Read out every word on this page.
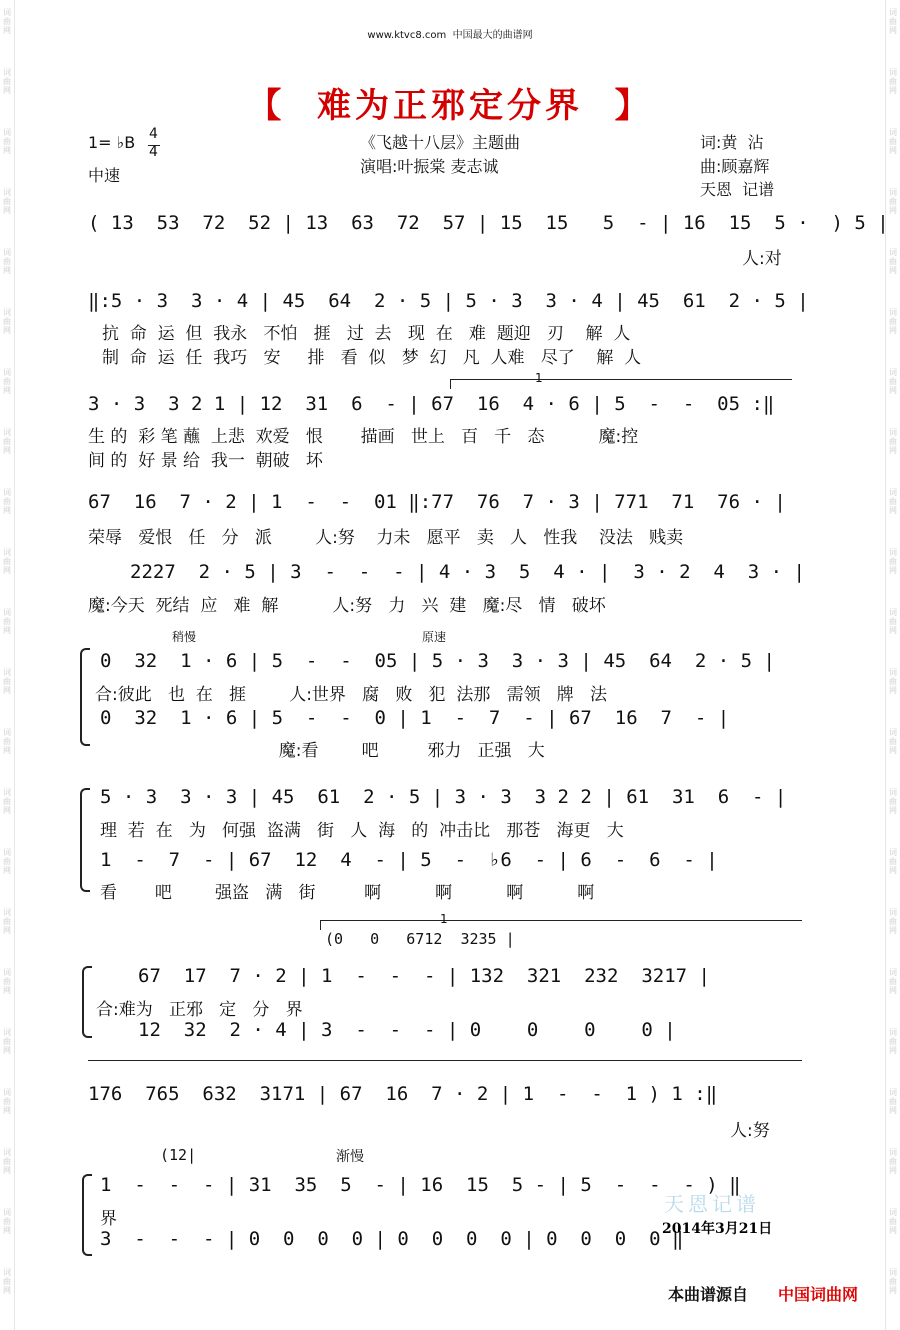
www.ktvc8.com  中国最大的曲谱网
【  难为正邪定分界  】
1= ♭B 4
4
中速
《飞越十八层》主题曲
演唱:叶振棠 麦志诚
词:黄  沾
曲:顾嘉辉
天恩  记谱
( 13  53  72  52 | 13  63  72  57 | 15  15   5  - | 16  15  5 ·  ) 5 |
人:对
‖:5 · 3  3 · 4 | 45  64  2 · 5 | 5 · 3  3 · 4 | 45  61  2 · 5 |
抗  命  运  但  我永   不怕   捱   过  去   现  在   难  题迎   刃    解  人
制  命  运  任  我巧   安     排   看  似   梦  幻   凡  人难   尽了    解  人
1
3 · 3  3 2 1 | 12  31  6  - | 67  16  4 · 6 | 5  -  -  05 :‖
生 的  彩 笔 蘸  上悲  欢爱   恨       描画   世上   百   千   态          魔:控
间 的  好 景 给  我一  朝破   坏
67  16  7 · 2 | 1  -  -  01 ‖:77  76  7 · 3 | 771  71  76 · |
荣辱   爱恨   任   分   派        人:努    力未   愿平   卖   人   性我    没法   贱卖
2227  2 · 5 | 3  -  -  - | 4 · 3  5  4 · |  3 · 2  4  3 · |
魔:今天  死结  应   难  解          人:努   力   兴  建   魔:尽   情   破坏
稍慢	原速
0  32  1 · 6 | 5  -  -  05 | 5 · 3  3 · 3 | 45  64  2 · 5 |
合:彼此   也  在   捱        人:世界   腐   败   犯  法那   需领   牌   法
0  32  1 · 6 | 5  -  -  0 | 1  -  7  - | 67  16  7  - |
魔:看        吧         邪力   正强   大
5 · 3  3 · 3 | 45  61  2 · 5 | 3 · 3  3 2 2 | 61  31  6  - |
理  若  在   为   何强  盗满   街   人  海   的  冲击比   那苍   海更   大
1  -  7  - | 67  12  4  - | 5  -  ♭6  - | 6  -  6  - |
看       吧        强盗   满   街         啊          啊          啊          啊
1
(0   0   6712  3235 |
67  17  7 · 2 | 1  -  -  - | 132  321  232  3217 |
合:难为   正邪   定   分   界
12  32  2 · 4 | 3  -  -  - | 0    0    0    0 |
176  765  632  3171 | 67  16  7 · 2 | 1  -  -  1 ) 1 :‖
人:努
(12|	渐慢
1  -  -  - | 31  35  5  - | 16  15  5 - | 5  -  -  - ) ‖
界
3  -  -  - | 0  0  0  0 | 0  0  0  0 | 0  0  0  0 ‖
天恩记谱
2014年3月21日
本曲谱源自 中国词曲网
词
曲
网
词
曲
网
词
曲
网
词
曲
网
词
曲
网
词
曲
网
词
曲
网
词
曲
网
词
曲
网
词
曲
网
词
曲
网
词
曲
网
词
曲
网
词
曲
网
词
曲
网
词
曲
网
词
曲
网
词
曲
网
词
曲
网
词
曲
网
词
曲
网
词
曲
网
词
曲
网
词
曲
网
词
曲
网
词
曲
网
词
曲
网
词
曲
网
词
曲
网
词
曲
网
词
曲
网
词
曲
网
词
曲
网
词
曲
网
词
曲
网
词
曲
网
词
曲
网
词
曲
网
词
曲
网
词
曲
网
词
曲
网
词
曲
网
词
曲
网
词
曲
网
